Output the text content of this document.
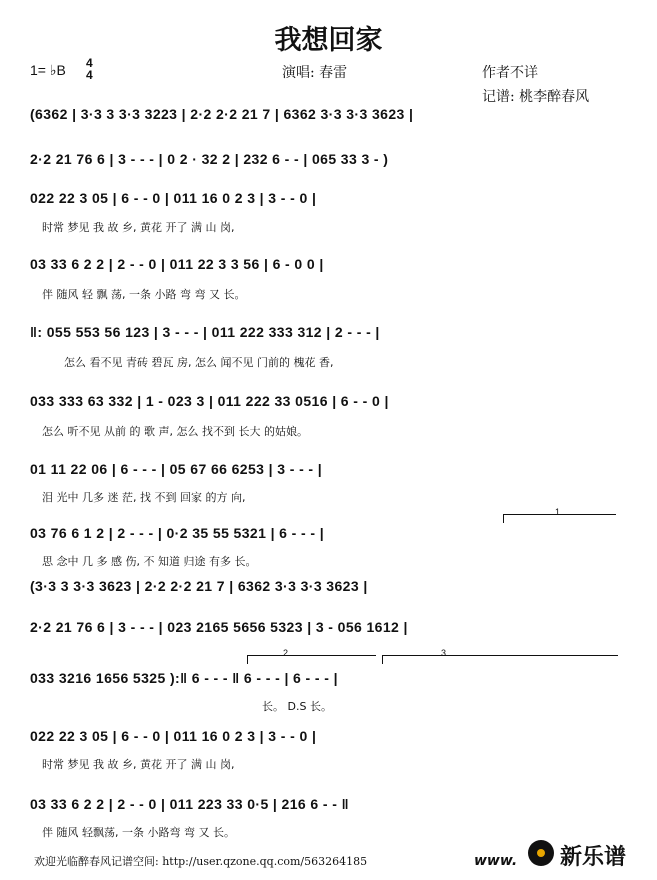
我想回家
1= ♭B 4
4	演唱: 春雷	作者不详
记谱: 桃李醉春风
(6362 | 3·3 3 3·3 3223 | 2·2 2·2 21 7 | 6362 3·3 3·3 3623 |
2·2 21 76 6 | 3 - - - | 0 2 · 32 2 | 232 6 - - | 065 33 3 - )
022 22 3 05 | 6 - - 0 | 011 16 0 2 3 | 3 - - 0 |
时常 梦见 我 故 乡, 黄花 开了 满 山 岗,
03 33 6 2 2 | 2 - - 0 | 011 22 3 3 56 | 6 - 0 0 |
伴 随风 轻 飘 荡, 一条 小路 弯 弯 又 长。
‖: 055 553 56 123 | 3 - - - | 011 222 333 312 | 2 - - - |
怎么 看不见 青砖 碧瓦 房, 怎么 闻不见 门前的 槐花 香,
033 333 63 332 | 1 - 023 3 | 011 222 33 0516 | 6 - - 0 |
怎么 听不见 从前 的 歌 声, 怎么 找不到 长大 的姑娘。
01 11 22 06 | 6 - - - | 05 67 66 6253 | 3 - - - |
泪 光中 几多 迷 茫, 找 不到 回家 的方 向,
03 76 6 1 2 | 2 - - - | 0·2 35 55 5321 | 6 - - - |
思 念中 几 多 感 伤, 不 知道 归途 有多 长。
(3·3 3 3·3 3623 | 2·2 2·2 21 7 | 6362 3·3 3·3 3623 |
2·2 21 76 6 | 3 - - - | 023 2165 5656 5323 | 3 - 056 1612 |
033 3216 1656 5325 ):‖ 6 - - - ‖ 6 - - - | 6 - - - |
长。 D.S 长。
022 22 3 05 | 6 - - 0 | 011 16 0 2 3 | 3 - - 0 |
时常 梦见 我 故 乡, 黄花 开了 满 山 岗,
03 33 6 2 2 | 2 - - 0 | 011 223 33 0·5 | 216 6 - - ‖
伴 随风 轻飘荡, 一条 小路弯 弯 又 长。
1
2	3
欢迎光临醉春风记谱空间: http://user.qzone.qq.com/563264185	www. 新乐谱
